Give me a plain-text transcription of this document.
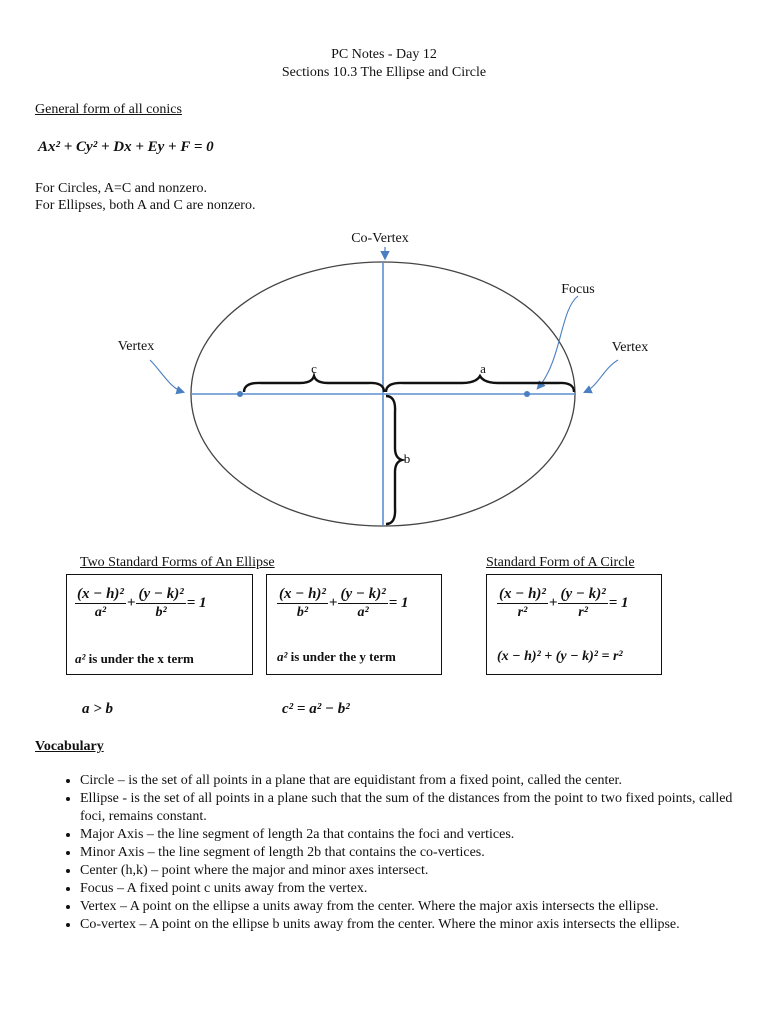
PC Notes - Day 12
Sections 10.3 The Ellipse and Circle
General form of all conics
Ax² + Cy² + Dx + Ey + F = 0
For Circles, A=C and nonzero.
For Ellipses, both A and C are nonzero.
Co-Vertex
Focus
Vertex	Vertex
c	a
b
Two Standard Forms of An Ellipse	Standard Form of A Circle
$\frac{\text{(x − h)²}}{\text{a²}} + \frac{\text{(y − k)²}}{\text{b²}} = 1$
a² is under the x term
$\frac{\text{(x − h)²}}{\text{b²}} + \frac{\text{(y − k)²}}{\text{a²}} = 1$
a² is under the y term
$\frac{\text{(x − h)²}}{\text{r²}} + \frac{\text{(y − k)²}}{\text{r²}} = 1$
(x − h)² + (y − k)² = r²
a > b	c² = a² − b²
Vocabulary
• Circle – is the set of all points in a plane that are equidistant from a fixed point, called the center.
• Ellipse - is the set of all points in a plane such that the sum of the distances from the point to two fixed points, called foci, remains constant.
• Major Axis – the line segment of length 2a that contains the foci and vertices.
• Minor Axis – the line segment of length 2b that contains the co-vertices.
• Center (h,k) – point where the major and minor axes intersect.
• Focus – A fixed point c units away from the vertex.
• Vertex – A point on the ellipse a units away from the center. Where the major axis intersects the ellipse.
• Co-vertex – A point on the ellipse b units away from the center. Where the minor axis intersects the ellipse.
